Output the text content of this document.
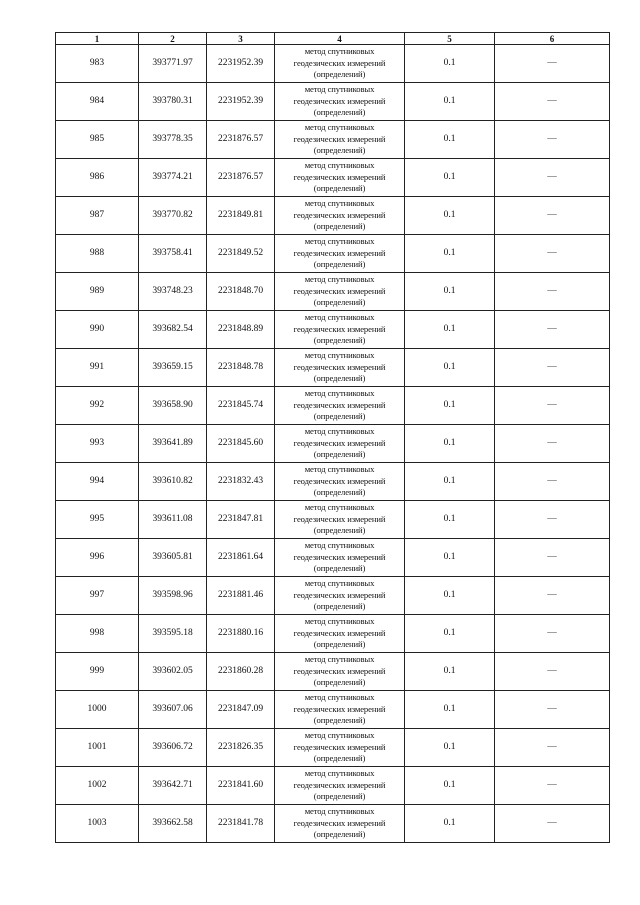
1	2	3	4	5	6
983	393771.97	2231952.39	метод спутниковых
геодезических измерений
(определений)	0.1	—
984	393780.31	2231952.39	метод спутниковых
геодезических измерений
(определений)	0.1	—
985	393778.35	2231876.57	метод спутниковых
геодезических измерений
(определений)	0.1	—
986	393774.21	2231876.57	метод спутниковых
геодезических измерений
(определений)	0.1	—
987	393770.82	2231849.81	метод спутниковых
геодезических измерений
(определений)	0.1	—
988	393758.41	2231849.52	метод спутниковых
геодезических измерений
(определений)	0.1	—
989	393748.23	2231848.70	метод спутниковых
геодезических измерений
(определений)	0.1	—
990	393682.54	2231848.89	метод спутниковых
геодезических измерений
(определений)	0.1	—
991	393659.15	2231848.78	метод спутниковых
геодезических измерений
(определений)	0.1	—
992	393658.90	2231845.74	метод спутниковых
геодезических измерений
(определений)	0.1	—
993	393641.89	2231845.60	метод спутниковых
геодезических измерений
(определений)	0.1	—
994	393610.82	2231832.43	метод спутниковых
геодезических измерений
(определений)	0.1	—
995	393611.08	2231847.81	метод спутниковых
геодезических измерений
(определений)	0.1	—
996	393605.81	2231861.64	метод спутниковых
геодезических измерений
(определений)	0.1	—
997	393598.96	2231881.46	метод спутниковых
геодезических измерений
(определений)	0.1	—
998	393595.18	2231880.16	метод спутниковых
геодезических измерений
(определений)	0.1	—
999	393602.05	2231860.28	метод спутниковых
геодезических измерений
(определений)	0.1	—
1000	393607.06	2231847.09	метод спутниковых
геодезических измерений
(определений)	0.1	—
1001	393606.72	2231826.35	метод спутниковых
геодезических измерений
(определений)	0.1	—
1002	393642.71	2231841.60	метод спутниковых
геодезических измерений
(определений)	0.1	—
1003	393662.58	2231841.78	метод спутниковых
геодезических измерений
(определений)	0.1	—
